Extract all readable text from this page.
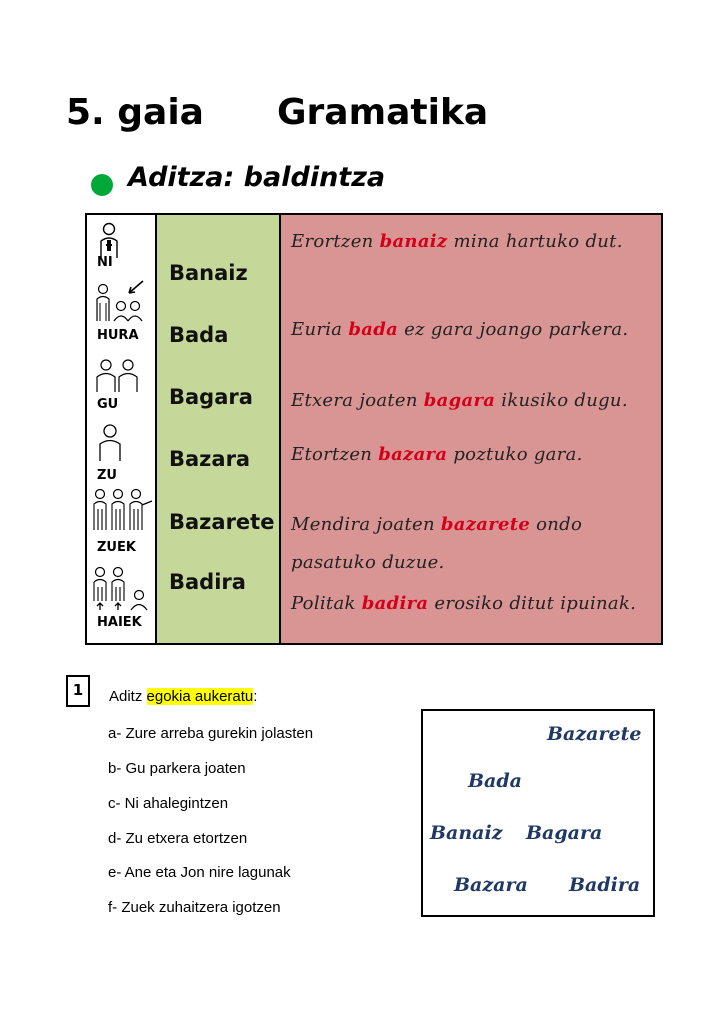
5. gaia Gramatika
Aditza: baldintza
NI
HURA
GU
ZU
ZUEK
HAIEK
Banaiz
Bada
Bagara
Bazara
Bazarete
Badira
Erortzen banaiz mina hartuko dut.
Euria bada ez gara joango parkera.
Etxera joaten bagara ikusiko dugu.
Etortzen bazara poztuko gara.
Mendira joaten bazarete ondo
pasatuko duzue.
Politak badira erosiko ditut ipuinak.
1	Aditz egokia aukeratu:
a- Zure arreba gurekin jolasten
b- Gu parkera joaten
c- Ni ahalegintzen
d- Zu etxera etortzen
e- Ane eta Jon nire lagunak
f- Zuek zuhaitzera igotzen
Bazarete
Bada
Banaiz Bagara
Bazara Badira
